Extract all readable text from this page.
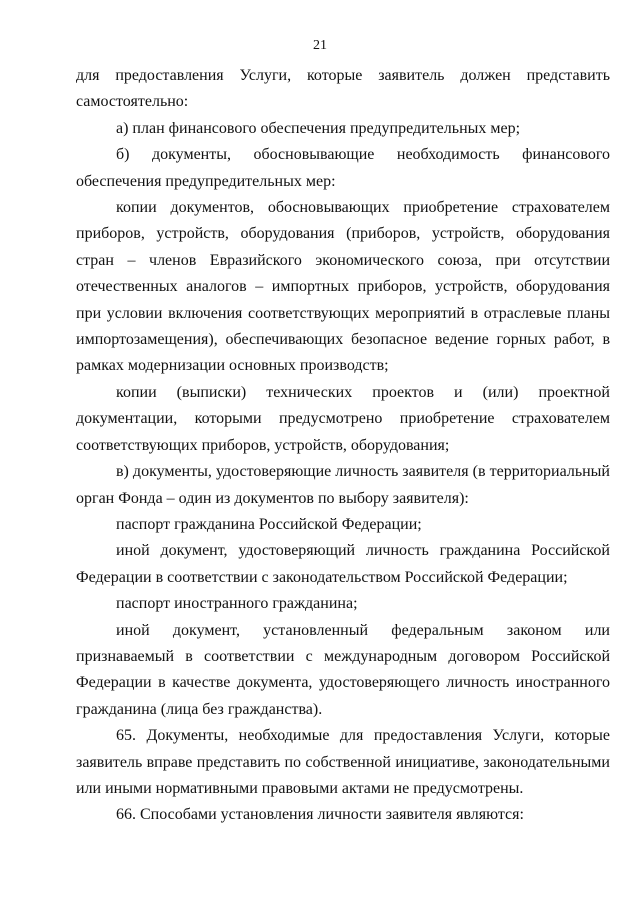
21

для предоставления Услуги, которые заявитель должен представить самостоятельно:

а) план финансового обеспечения предупредительных мер;

б) документы, обосновывающие необходимость финансового обеспечения предупредительных мер:

копии документов, обосновывающих приобретение страхователем приборов, устройств, оборудования (приборов, устройств, оборудования стран – членов Евразийского экономического союза, при отсутствии отечественных аналогов – импортных приборов, устройств, оборудования при условии включения соответствующих мероприятий в отраслевые планы импортозамещения), обеспечивающих безопасное ведение горных работ, в рамках модернизации основных производств;

копии (выписки) технических проектов и (или) проектной документации, которыми предусмотрено приобретение страхователем соответствующих приборов, устройств, оборудования;

в) документы, удостоверяющие личность заявителя (в территориальный орган Фонда – один из документов по выбору заявителя):

паспорт гражданина Российской Федерации;

иной документ, удостоверяющий личность гражданина Российской Федерации в соответствии с законодательством Российской Федерации;

паспорт иностранного гражданина;

иной документ, установленный федеральным законом или признаваемый в соответствии с международным договором Российской Федерации в качестве документа, удостоверяющего личность иностранного гражданина (лица без гражданства).

65. Документы, необходимые для предоставления Услуги, которые заявитель вправе представить по собственной инициативе, законодательными или иными нормативными правовыми актами не предусмотрены.

66. Способами установления личности заявителя являются:
